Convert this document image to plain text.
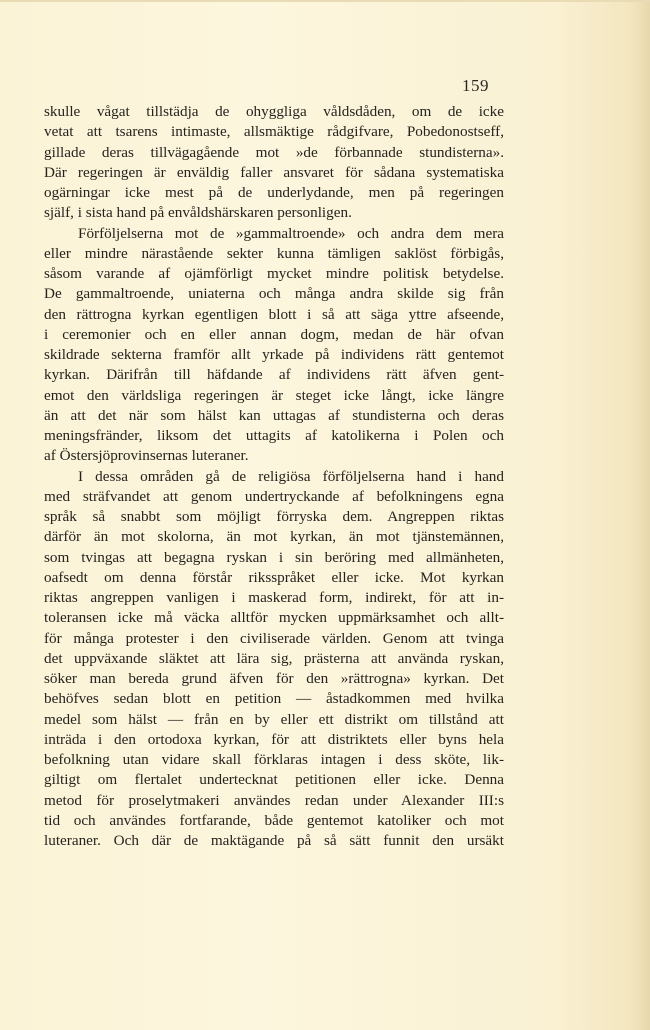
159
skulle vågat tillstädja de ohyggliga våldsdåden, om de icke
vetat att tsarens intimaste, allsmäktige rådgifvare, Pobedonostseff,
gillade deras tillvägagående mot »de förbannade stundisterna».
Där regeringen är enväldig faller ansvaret för sådana systematiska
ogärningar icke mest på de underlydande, men på regeringen
själf, i sista hand på envåldshärskaren personligen.
Förföljelserna mot de »gammaltroende» och andra dem mera
eller mindre närastående sekter kunna tämligen saklöst förbigås,
såsom varande af ojämförligt mycket mindre politisk betydelse.
De gammaltroende, uniaterna och många andra skilde sig från
den rättrogna kyrkan egentligen blott i så att säga yttre afseende,
i ceremonier och en eller annan dogm, medan de här ofvan
skildrade sekterna framför allt yrkade på individens rätt gentemot
kyrkan. Därifrån till häfdande af individens rätt äfven gent-
emot den världsliga regeringen är steget icke långt, icke längre
än att det när som hälst kan uttagas af stundisterna och deras
meningsfränder, liksom det uttagits af katolikerna i Polen och
af Östersjöprovinsernas luteraner.
I dessa områden gå de religiösa förföljelserna hand i hand
med sträfvandet att genom undertryckande af befolkningens egna
språk så snabbt som möjligt förryska dem. Angreppen riktas
därför än mot skolorna, än mot kyrkan, än mot tjänstemännen,
som tvingas att begagna ryskan i sin beröring med allmänheten,
oafsedt om denna förstår riksspråket eller icke. Mot kyrkan
riktas angreppen vanligen i maskerad form, indirekt, för att in-
toleransen icke må väcka alltför mycken uppmärksamhet och allt-
för många protester i den civiliserade världen. Genom att tvinga
det uppväxande släktet att lära sig, prästerna att använda ryskan,
söker man bereda grund äfven för den »rättrogna» kyrkan. Det
behöfves sedan blott en petition — åstadkommen med hvilka
medel som hälst — från en by eller ett distrikt om tillstånd att
inträda i den ortodoxa kyrkan, för att distriktets eller byns hela
befolkning utan vidare skall förklaras intagen i dess sköte, lik-
giltigt om flertalet undertecknat petitionen eller icke. Denna
metod för proselytmakeri användes redan under Alexander III:s
tid och användes fortfarande, både gentemot katoliker och mot
luteraner. Och där de maktägande på så sätt funnit den ursäkt
